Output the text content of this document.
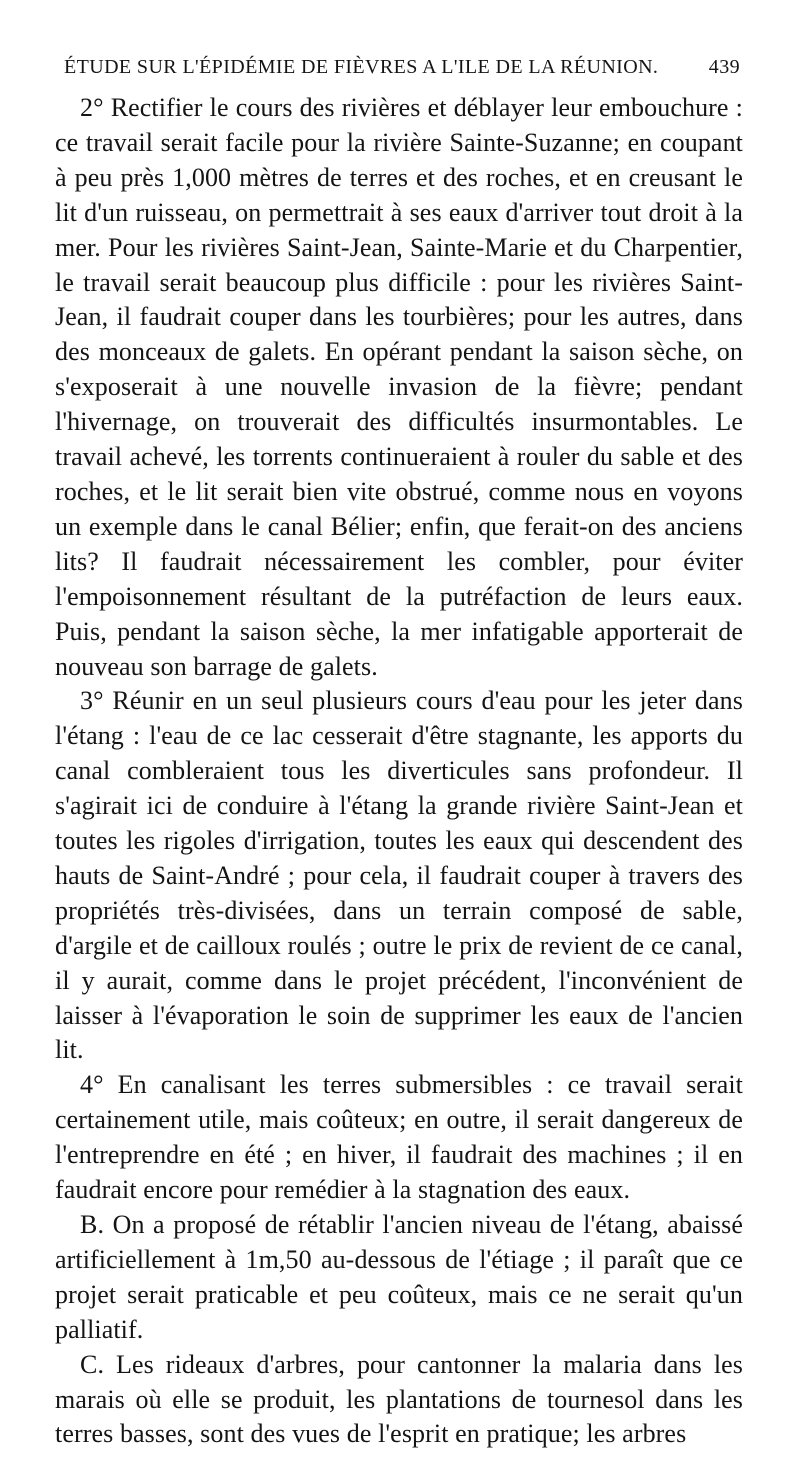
ÉTUDE SUR L'ÉPIDÉMIE DE FIÈVRES A L'ILE DE LA RÉUNION.	439

2° Rectifier le cours des rivières et déblayer leur embouchure : ce travail serait facile pour la rivière Sainte-Suzanne; en coupant à peu près 1,000 mètres de terres et des roches, et en creusant le lit d'un ruisseau, on permettrait à ses eaux d'arriver tout droit à la mer. Pour les rivières Saint-Jean, Sainte-Marie et du Charpentier, le travail serait beaucoup plus difficile : pour les rivières Saint-Jean, il faudrait couper dans les tourbières; pour les autres, dans des monceaux de galets. En opérant pendant la saison sèche, on s'exposerait à une nouvelle invasion de la fièvre; pendant l'hivernage, on trouverait des difficultés insurmontables. Le travail achevé, les torrents continueraient à rouler du sable et des roches, et le lit serait bien vite obstrué, comme nous en voyons un exemple dans le canal Bélier; enfin, que ferait-on des anciens lits? Il faudrait nécessairement les combler, pour éviter l'empoisonnement résultant de la putréfaction de leurs eaux. Puis, pendant la saison sèche, la mer infatigable apporterait de nouveau son barrage de galets.

3° Réunir en un seul plusieurs cours d'eau pour les jeter dans l'étang : l'eau de ce lac cesserait d'être stagnante, les apports du canal combleraient tous les diverticules sans profondeur. Il s'agirait ici de conduire à l'étang la grande rivière Saint-Jean et toutes les rigoles d'irrigation, toutes les eaux qui descendent des hauts de Saint-André ; pour cela, il faudrait couper à travers des propriétés très-divisées, dans un terrain composé de sable, d'argile et de cailloux roulés ; outre le prix de revient de ce canal, il y aurait, comme dans le projet précédent, l'inconvénient de laisser à l'évaporation le soin de supprimer les eaux de l'ancien lit.

4° En canalisant les terres submersibles : ce travail serait certainement utile, mais coûteux; en outre, il serait dangereux de l'entreprendre en été ; en hiver, il faudrait des machines ; il en faudrait encore pour remédier à la stagnation des eaux.

B. On a proposé de rétablir l'ancien niveau de l'étang, abaissé artificiellement à 1m,50 au-dessous de l'étiage ; il paraît que ce projet serait praticable et peu coûteux, mais ce ne serait qu'un palliatif.

C. Les rideaux d'arbres, pour cantonner la malaria dans les marais où elle se produit, les plantations de tournesol dans les terres basses, sont des vues de l'esprit en pratique; les arbres
